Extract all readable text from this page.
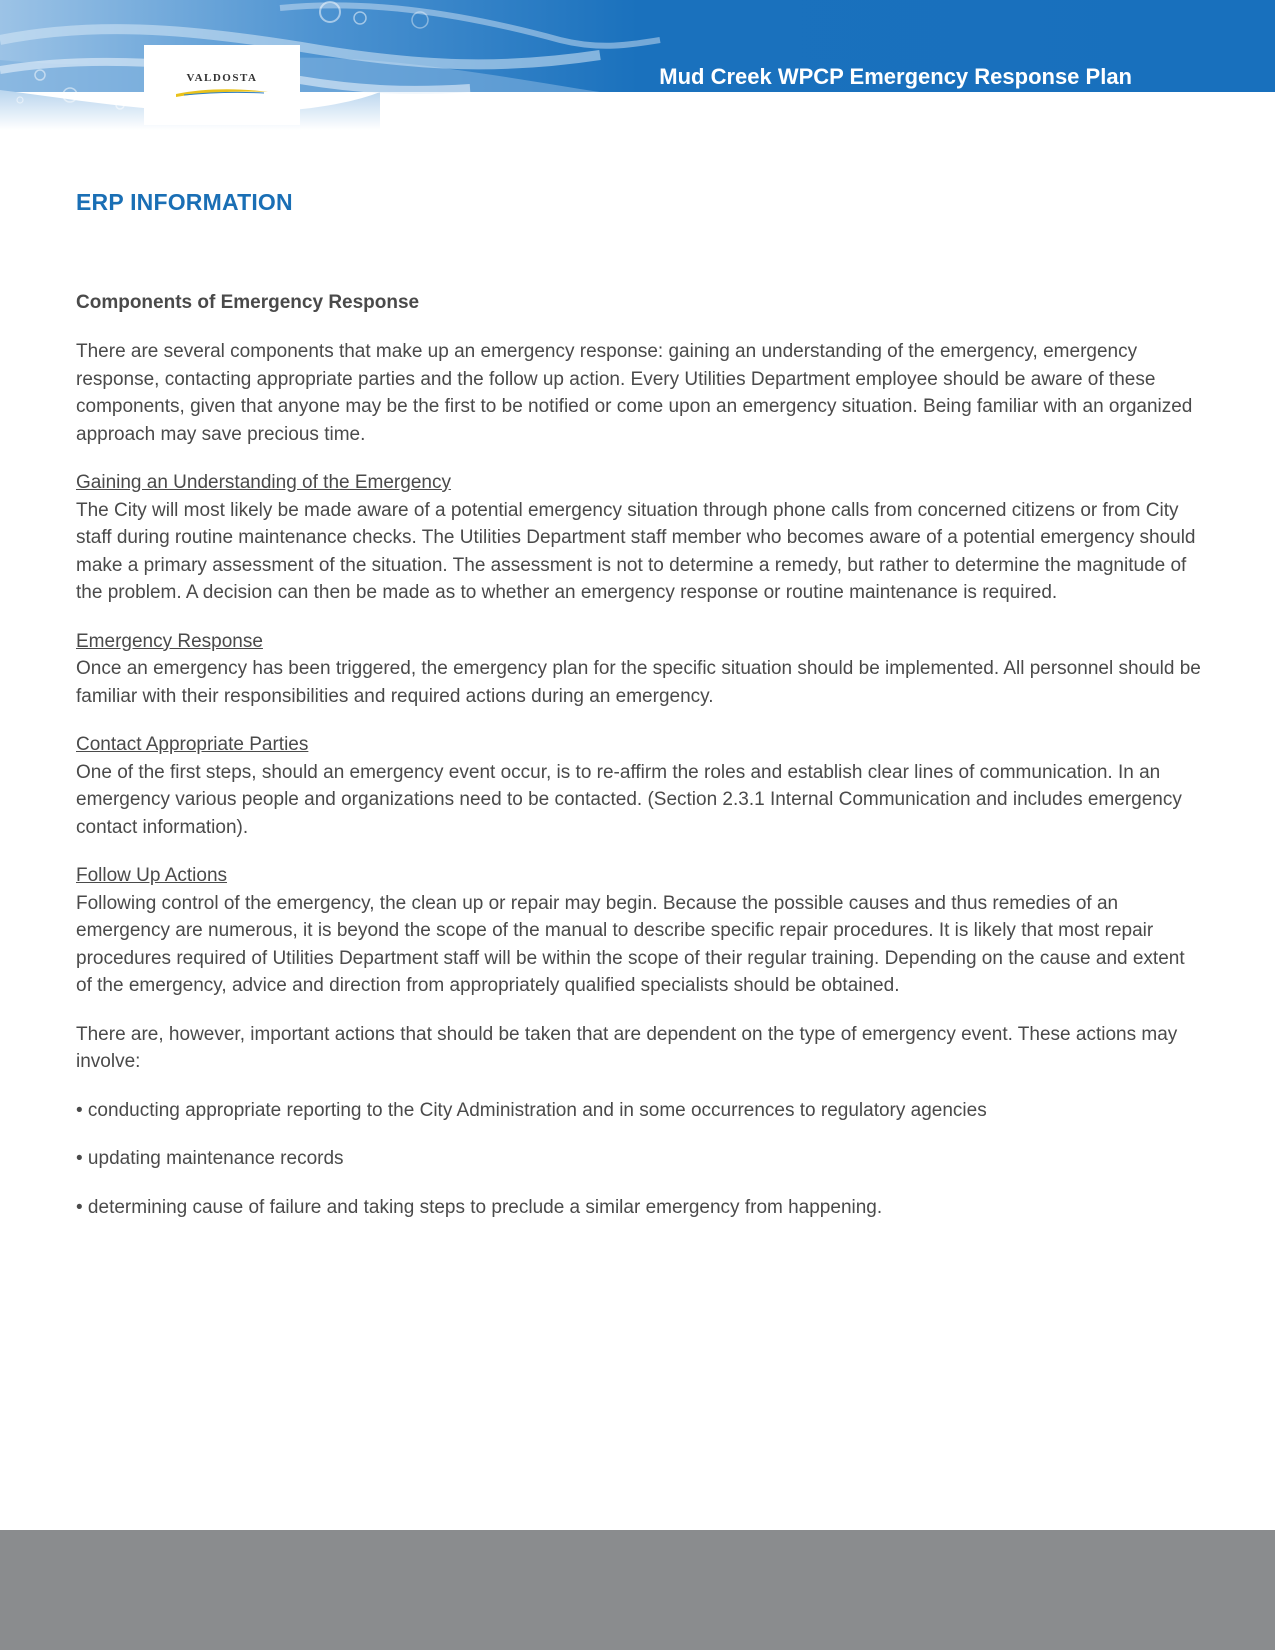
VALDOSTA	Mud Creek WPCP Emergency Response Plan
ERP INFORMATION
Components of Emergency Response

There are several components that make up an emergency response: gaining an understanding of the emergency, emergency response, contacting appropriate parties and the follow up action. Every Utilities Department employee should be aware of these components, given that anyone may be the first to be notified or come upon an emergency situation. Being familiar with an organized approach may save precious time.

Gaining an Understanding of the Emergency
The City will most likely be made aware of a potential emergency situation through phone calls from concerned citizens or from City staff during routine maintenance checks. The Utilities Department staff member who becomes aware of a potential emergency should make a primary assessment of the situation. The assessment is not to determine a remedy, but rather to determine the magnitude of the problem. A decision can then be made as to whether an emergency response or routine maintenance is required.

Emergency Response
Once an emergency has been triggered, the emergency plan for the specific situation should be implemented. All personnel should be familiar with their responsibilities and required actions during an emergency.

Contact Appropriate Parties
One of the first steps, should an emergency event occur, is to re-affirm the roles and establish clear lines of communication. In an emergency various people and organizations need to be contacted. (Section 2.3.1 Internal Communication and includes emergency contact information).

Follow Up Actions
Following control of the emergency, the clean up or repair may begin. Because the possible causes and thus remedies of an emergency are numerous, it is beyond the scope of the manual to describe specific repair procedures. It is likely that most repair procedures required of Utilities Department staff will be within the scope of their regular training. Depending on the cause and extent of the emergency, advice and direction from appropriately qualified specialists should be obtained.

There are, however, important actions that should be taken that are dependent on the type of emergency event. These actions may involve:

• conducting appropriate reporting to the City Administration and in some occurrences to regulatory agencies
• updating maintenance records
• determining cause of failure and taking steps to preclude a similar emergency from happening.
